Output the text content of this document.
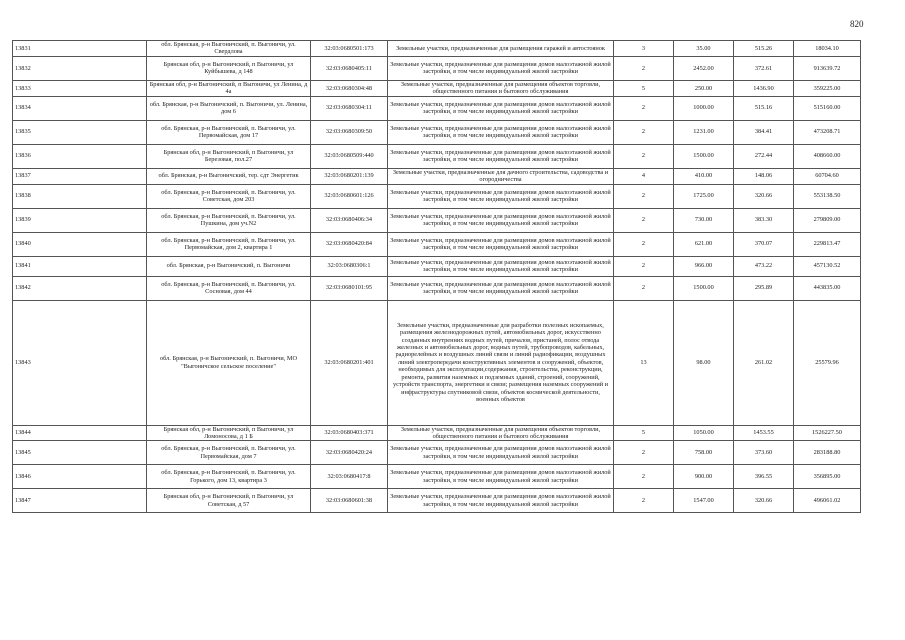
820
13831	обл. Брянская, р-н Выгоничский, п. Выгоничи, ул. Свердлова	32:03:0680501:173	Земельные участки, предназначенные для размещения гаражей и автостоянок	3	35.00	515.26	18034.10
13832	Брянская обл, р-н Выгоничский, п Выгоничи, ул Куйбышева, д 148	32:03:0680405:11	Земельные участки, предназначенные для размещения домов малоэтажной жилой застройки, в том числе индивидуальной жилой застройки	2	2452.00	372.61	913639.72
13833	Брянская обл, р-н Выгоничский, п Выгоничи, ул Ленина, д 4а	32:03:0680304:48	Земельные участки, предназначенные для размещения объектов торговли, общественного питания и бытового обслуживания	5	250.00	1436.90	359225.00
13834	обл. Брянская, р-н Выгоничский, п. Выгоничи, ул. Ленина, дом 6	32:03:0680304:11	Земельные участки, предназначенные для размещения домов малоэтажной жилой застройки, в том числе индивидуальной жилой застройки	2	1000.00	515.16	515160.00
13835	обл. Брянская, р-н Выгоничский, п. Выгоничи, ул. Первомайская, дом 17	32:03:0680309:50	Земельные участки, предназначенные для размещения домов малоэтажной жилой застройки, в том числе индивидуальной жилой застройки	2	1231.00	384.41	473208.71
13836	Брянская обл, р-н Выгоничский, п Выгоничи, ул Березовая, пол.27	32:03:0680509:440	Земельные участки, предназначенные для размещения домов малоэтажной жилой застройки, в том числе индивидуальной жилой застройки	2	1500.00	272.44	408660.00
13837	обл. Брянская, р-н Выгоничский, тер. сдт Энергетик	32:03:0680201:139	Земельные участки, предназначенные для дачного строительства, садоводства и огородничества	4	410.00	148.06	60704.60
13838	обл. Брянская, р-н Выгоничский, п. Выгоничи, ул. Советская, дом 203	32:03:0680601:126	Земельные участки, предназначенные для размещения домов малоэтажной жилой застройки, в том числе индивидуальной жилой застройки	2	1725.00	320.66	553138.50
13839	обл. Брянская, р-н Выгоничский, п. Выгоничи, ул. Пушкина, дом уч.N2	32:03:0680406:34	Земельные участки, предназначенные для размещения домов малоэтажной жилой застройки, в том числе индивидуальной жилой застройки	2	730.00	383.30	279809.00
13840	обл. Брянская, р-н Выгоничский, п. Выгоничи, ул. Первомайская, дом 2, квартира 1	32:03:0680420:84	Земельные участки, предназначенные для размещения домов малоэтажной жилой застройки, в том числе индивидуальной жилой застройки	2	621.00	370.07	229813.47
13841	обл. Брянская, р-н Выгоничский, п. Выгоничи	32:03:0680306:1	Земельные участки, предназначенные для размещения домов малоэтажной жилой застройки, в том числе индивидуальной жилой застройки	2	966.00	473.22	457130.52
13842	обл. Брянская, р-н Выгоничский, п. Выгоничи, ул. Сосновая, дом 44	32:03:0680101:95	Земельные участки, предназначенные для размещения домов малоэтажной жилой застройки, в том числе индивидуальной жилой застройки	2	1500.00	295.89	443835.00
13843	обл. Брянская, р-н Выгоничский, п. Выгоничи, МО "Выгоничское сельское поселение"	32:03:0680201:401	Земельные участки, предназначенные для разработки полезных ископаемых, размещения железнодорожных путей, автомобильных дорог, искусственно созданных внутренних водных путей, причалов, пристаней, полос отвода железных и автомобильных дорог, водных путей, трубопроводов, кабельных, радиорелейных и воздушных линий связи и линий радиофикации, воздушных линий электропередачи конструктивных элементов и сооружений, объектов, необходимых для эксплуатации,содержания, строительства, реконструкции, ремонта, развития наземных и подземных зданий, строений, сооружений, устройств транспорта, энергетики и связи; размещения наземных сооружений и инфраструктуры спутниковой связи, объектов космической деятельности, военных объектов	13	98.00	261.02	25579.96
13844	Брянская обл, р-н Выгоничский, п Выгоничи, ул Ломоносова, д 1 Б	32:03:0680403:371	Земельные участки, предназначенные для размещения объектов торговли, общественного питания и бытового обслуживания	5	1050.00	1453.55	1526227.50
13845	обл. Брянская, р-н Выгоничский, п. Выгоничи, ул. Первомайская, дом 7	32:03:0680420:24	Земельные участки, предназначенные для размещения домов малоэтажной жилой застройки, в том числе индивидуальной жилой застройки	2	758.00	373.60	283188.80
13846	обл. Брянская, р-н Выгоничский, п. Выгоничи, ул. Горького, дом 13, квартира 3	32:03:0680417:8	Земельные участки, предназначенные для размещения домов малоэтажной жилой застройки, в том числе индивидуальной жилой застройки	2	900.00	396.55	356895.00
13847	Брянская обл, р-н Выгоничский, п Выгоничи, ул Советская, д 57	32:03:0680601:38	Земельные участки, предназначенные для размещения домов малоэтажной жилой застройки, в том числе индивидуальной жилой застройки	2	1547.00	320.66	496061.02
